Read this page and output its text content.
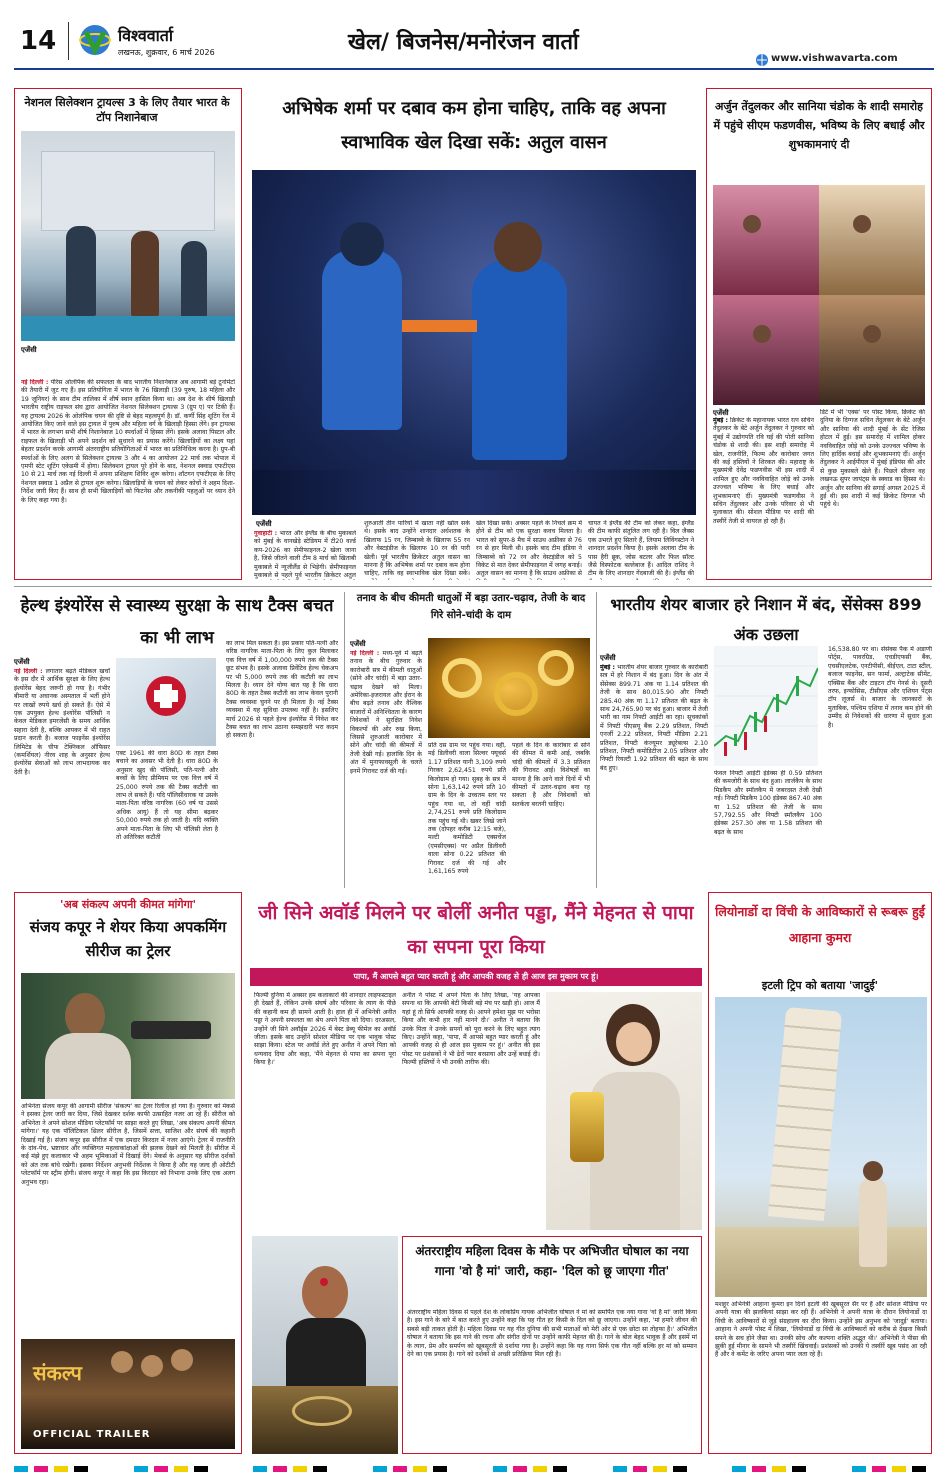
14	विश्ववार्ता
लखनऊ, शुक्रवार, 6 मार्च 2026	खेल/ बिजनेस/मनोरंजन वार्ता
www.vishwavarta.com
नेशनल सिलेक्शन ट्रायल्स 3 के लिए तैयार भारत के टॉप निशानेबाज
एजेंसी
नई दिल्ली : पेरिस ओलंपिक की सफलता के बाद भारतीय निशानेबाज अब आगामी बड़े टूर्नामेंटों की तैयारी में जुट गए हैं। इस प्रतियोगिता में भारत के 76 खिलाड़ी (39 पुरुष, 18 महिला और 19 जूनियर) के साथ टीम तालिका में शीर्ष स्थान हासिल किया था। अब देश के शीर्ष खिलाड़ी भारतीय राष्ट्रीय राइफल संघ द्वारा आयोजित नेशनल सिलेक्शन ट्रायल्स 3 (ग्रुप ए) पर टिकी हैं। यह ट्रायल्स 2026 के ओलंपिक चयन की दृष्टि से बेहद महत्वपूर्ण है। डॉ. कर्णी सिंह शूटिंग रेंज में आयोजित किए जाने वाले इस ट्रायल में पुरुष और महिला वर्ग के खिलाड़ी हिस्सा लेंगे। इन ट्रायल्स में भारत के लगभग सभी शीर्ष निशानेबाज 10 स्पर्धाओं में हिस्सा लेंगे। इसके अलावा पिस्टल और राइफल के खिलाड़ी भी अपने प्रदर्शन को सुधारने का प्रयास करेंगे। खिलाड़ियों का लक्ष्य यहां बेहतर प्रदर्शन करके आगामी अंतरराष्ट्रीय प्रतियोगिताओं में भारत का प्रतिनिधित्व करना है। ग्रुप-बी स्पर्धाओं के लिए अलग से सिलेक्शन ट्रायल्स 3 और 4 का आयोजन 22 मार्च तक भोपाल में एमपी स्टेट शूटिंग एकेडमी में होगा। सिलेक्शन ट्रायल पूरे होने के बाद, नेशनल स्क्वाड एफटीएस 10 से 21 मार्च तक नई दिल्ली में अपना प्रशिक्षण शिविर शुरू करेगा। शॉटगन एफटीएस के लिए नेशनल स्क्वाड 1 अप्रैल से ट्रायल शुरू करेगा। खिलाड़ियों के चयन को लेकर कोचों ने अहम दिशा-निर्देश जारी किए हैं। साथ ही सभी खिलाड़ियों को फिटनेस और तकनीकी पहलुओं पर ध्यान देने के लिए कहा गया है।
अभिषेक शर्मा पर दबाव कम होना चाहिए, ताकि वह अपना स्वाभाविक खेल दिखा सकें: अतुल वासन
एजेंसी
गुवाहाटी : भारत और इंग्लैंड के बीच मुकाबले को मुंबई के वानखेड़े स्टेडियम में टी20 वर्ल्ड कप-2026 का सेमीफाइनल-2 खेला जाना है, जिसे जीतने वाली टीम 8 मार्च को खिताबी मुकाबले में न्यूजीलैंड से भिड़ेगी। सेमीफाइनल मुकाबले से पहले पूर्व भारतीय क्रिकेटर अतुल
शुरुआती तीन पारियों में खाता नहीं खोल सके थे। इसके बाद उन्होंने शानदार अर्धशतक के खिलाफ 15 रन, जिम्बाब्वे के खिलाफ 55 रन और वेस्टइंडीज के खिलाफ 10 रन की पारी खेली। पूर्व भारतीय क्रिकेटर अतुल वासन का मानना है कि अभिषेक शर्मा पर दबाव कम होना चाहिए, ताकि वह स्वाभाविक खेल दिखा सकें।
खेल दिखा सकें। अक्सर पहले के निचले क्रम में होने से टीम को एक सुरक्षा कवच मिलता है। भारत को सुपर-8 मैच में साउथ अफ्रीका से 76 रन से हार मिली थी। इसके बाद टीम इंडिया ने जिम्बाब्वे को 72 रन और वेस्टइंडीज को 5 विकेट से मात देकर सेमीफाइनल में जगह बनाई। अतुल वासन का मानना है कि साउथ अफ्रीका से
चायत ने इंग्लैंड की टीम को लेकर कहा, इंग्लैंड की टीम काफी संतुलित लग रही है। विल जैक्स एक उभरते हुए सितारे हैं, लियाम लिविंगस्टोन ने शानदार प्रदर्शन किया है। इसके अलावा टीम के पास हैरी ब्रूक, जोस बटलर और फिल सॉल्ट जैसे विस्फोटक बल्लेबाज हैं। आदिल राशिद ने टीम के लिए शानदार गेंदबाजी की है। इंग्लैंड की
अर्जुन तेंदुलकर और सानिया चंडोक के शादी समारोह में पहुंचे सीएम फडणवीस, भविष्य के लिए बधाई और शुभकामनाएं दी
एजेंसी
मुंबई : क्रिकेट के महानायक भारत रत्न सचिन तेंदुलकर के बेटे अर्जुन तेंदुलकर ने गुरुवार को मुंबई में उद्योगपति रवि घई की पोती सानिया चंडोक से शादी की। इस शाही समारोह में खेल, राजनीति, फिल्म और कारोबार जगत की कई हस्तियों ने शिरकत की। महाराष्ट्र के मुख्यमंत्री देवेंद्र फडणवीस भी इस शादी में शामिल हुए और नवविवाहित जोड़े को उनके उज्ज्वल भविष्य के लिए बधाई और शुभकामनाएं दीं। मुख्यमंत्री फडणवीस ने सचिन तेंदुलकर और उनके परिवार से भी मुलाकात की। सोशल मीडिया पर शादी की तस्वीरें तेजी से वायरल हो रही हैं।
डिंटे में भी 'एक्स' पर पोस्ट किया, क्रिकेट की दुनिया के दिग्गज सचिन तेंदुलकर के बेटे अर्जुन और सानिया की शादी मुंबई के सेंट रेजिस होटल में हुई। इस समारोह में शामिल होकर नवविवाहित जोड़े को उनके उज्ज्वल भविष्य के लिए हार्दिक बधाई और शुभकामनाएं दीं। अर्जुन तेंदुलकर ने आईपीएल में मुंबई इंडियंस की ओर से कुछ मुकाबले खेले हैं। पिछले सीजन वह लखनऊ सुपर जायंट्स के स्क्वाड का हिस्सा थे। अर्जुन और सानिया की सगाई अगस्त 2025 में हुई थी। इस शादी में कई क्रिकेट दिग्गज भी पहुंचे थे।
हेल्थ इंश्योरेंस से स्वास्थ्य सुरक्षा के साथ टैक्स बचत का भी लाभ
एजेंसी
नई दिल्ली : लगातार बढ़ते मेडिकल खर्चों के इस दौर में आर्थिक सुरक्षा के लिए हेल्थ इंश्योरेंस बेहद जरूरी हो गया है। गंभीर बीमारी या अचानक अस्पताल में भर्ती होने पर लाखों रुपये खर्च हो सकते हैं। ऐसे में एक उपयुक्त हेल्थ इंश्योरेंस पॉलिसी न केवल मेडिकल इमरजेंसी के समय आर्थिक सहारा देती है, बल्कि आयकर में भी राहत प्रदान करती है। बजाज फाइनेंस इंश्योरेंस लिमिटेड के चीफ टेक्निकल ऑफिसर (कमर्शियल) नीरव शाह के अनुसार हेल्थ इंश्योरेंस सेवाओं को लाभ लाभदायक कर देती है।
एक्ट 1961 की धारा 80D के तहत टैक्स बचाने का अवसर भी देती है। धारा 80D के अनुसार खुद की पॉलिसी, पति-पत्नी और बच्चों के लिए प्रीमियम पर एक वित्त वर्ष में 25,000 रुपये तक की टैक्स कटौती का लाभ ले सकते हैं। यदि पॉलिसीधारक या उसके माता-पिता वरिष्ठ नागरिक (60 वर्ष या उससे अधिक आयु) हैं तो यह सीमा बढ़कर 50,000 रुपये तक हो जाती है। यदि व्यक्ति अपने माता-पिता के लिए भी पॉलिसी लेता है तो अतिरिक्त कटौती
का लाभ मिल सकता है। इस प्रकार पति-पत्नी और वरिष्ठ नागरिक माता-पिता के लिए कुल मिलाकर एक वित्त वर्ष में 1,00,000 रुपये तक की टैक्स छूट संभव है। इसके अलावा प्रिवेंटिव हेल्थ चेकअप पर भी 5,000 रुपये तक की कटौती का लाभ मिलता है। ध्यान देने योग्य बात यह है कि धारा 80D के तहत टैक्स कटौती का लाभ केवल पुरानी टैक्स व्यवस्था चुनने पर ही मिलता है। नई टैक्स व्यवस्था में यह सुविधा उपलब्ध नहीं है। इसलिए मार्च 2026 से पहले हेल्थ इंश्योरेंस में निवेश कर टैक्स बचत का लाभ उठाना समझदारी भरा कदम हो सकता है।
तनाव के बीच कीमती धातुओं में बड़ा उतार-चढ़ाव, तेजी के बाद गिरे सोने-चांदी के दाम
एजेंसी
नई दिल्ली : मध्य-पूर्व में बढ़ते तनाव के बीच गुरुवार के कारोबारी सत्र में कीमती धातुओं (सोने और चांदी) में बड़ा उतार-चढ़ाव देखने को मिला। अमेरिका-इजरायल और ईरान के बीच बढ़ते तनाव और वैश्विक बाजारों में अनिश्चितता के कारण निवेशकों ने सुरक्षित निवेश विकल्पों की ओर रुख किया, जिससे शुरुआती कारोबार में सोने और चांदी की कीमतों में तेजी देखी गई। हालांकि दिन के अंत में मुनाफावसूली के चलते इनमें गिरावट दर्ज की गई।
प्रति दस ग्राम पर पहुंच गया। वहीं, मई डिलीवरी वाला सिल्वर फ्यूचर्स 1.17 प्रतिशत यानी 3,109 रुपये गिरकर 2,62,451 रुपये प्रति किलोग्राम हो गया। सुबह के सत्र में सोना 1,63,142 रुपये प्रति 10 ग्राम के दिन के उच्चतम स्तर पर पहुंच गया था, तो वहीं चांदी 2,74,251 रुपये प्रति किलोग्राम तक पहुंच गई थी। खबर लिखे जाने तक (दोपहर करीब 12:15 बजे), मल्टी कमोडिटी एक्सचेंज (एमसीएक्स) पर अप्रैल डिलीवरी वाला सोना 0.22 प्रतिशत की गिरावट दर्ज की गई और 1,61,165 रुपये
पहले के दिन के कारोबार से सोने की कीमत में कमी आई, जबकि चांदी की कीमतों में 3.3 प्रतिशत की गिरावट आई। विशेषज्ञों का मानना है कि आने वाले दिनों में भी कीमतों में उतार-चढ़ाव बना रह सकता है और निवेशकों को सतर्कता बरतनी चाहिए।
भारतीय शेयर बाजार हरे निशान में बंद, सेंसेक्स 899 अंक उछला
एजेंसी
मुंबई : भारतीय शेयर बाजार गुरुवार के कारोबारी सत्र में हरे निशान में बंद हुआ। दिन के अंत में सेंसेक्स 899.71 अंक या 1.14 प्रतिशत की तेजी के साथ 80,015.90 और निफ्टी 285.40 अंक या 1.17 प्रतिशत की बढ़त के साथ 24,765.90 पर बंद हुआ। बाजार में तेजी भारी का नाम निफ्टी आईटी का रहा। सूचकांकों में निफ्टी पीएसयू बैंक 2.29 प्रतिशत, निफ्टी एनर्जी 2.22 प्रतिशत, निफ्टी मीडिया 2.21 प्रतिशत, निफ्टी कंज्यूमर ड्यूरेबल्स 2.10 प्रतिशत, निफ्टी कमोडिटीज 2.05 प्रतिशत और निफ्टी रियल्टी 1.92 प्रतिशत की बढ़त के साथ बंद हुए।
फेवल निफ्टी आईटी इंडेक्स ही 0.59 प्रतिशत की कमजोरी के साथ बंद हुआ। लार्जकैप के साथ मिडकैप और स्मॉलकैप में जबरदस्त तेजी देखी गई। निफ्टी मिडकैप 100 इंडेक्स 867.40 अंक या 1.52 प्रतिशत की तेजी के साथ 57,792.55 और निफ्टी स्मॉलकैप 100 इंडेक्स 257.30 अंक या 1.58 प्रतिशत की बढ़त के साथ
16,538.80 पर था। सेंसेक्स पैक में अडाणी पोर्ट्स, पावरग्रिड, एचडीएफसी बैंक, एचसीएलटेक, एनटीपीसी, बीईएल, टाटा स्टील, बजाज फाइनेंस, सन फार्मा, अल्ट्राटेक सीमेंट, एक्सिस बैंक और टाइटन टॉप गेनर्स थे। दूसरी तरफ, इन्फोसिस, टीसीएस और एशियन पेंट्स टॉप लूजर्स थे। बाजार के जानकारों के मुताबिक, पश्चिम एशिया में तनाव कम होने की उम्मीद से निवेशकों की धारणा में सुधार हुआ है।
'अब संकल्प अपनी कीमत मांगेगा'
संजय कपूर ने शेयर किया अपकमिंग सीरीज का ट्रेलर
अभिनेता संजय कपूर की आगामी सीरीज 'संकल्प' का ट्रेलर रिलीज हो गया है। गुरुवार को मेकर्स ने इसका ट्रेलर जारी कर दिया, जिसे देखकर दर्शक काफी उत्साहित नजर आ रहे हैं। सीरीज को अभिनेता ने अपने सोशल मीडिया प्लेटफॉर्म पर साझा करते हुए लिखा, 'अब संकल्प अपनी कीमत मांगेगा।' यह एक पॉलिटिकल थ्रिलर सीरीज है, जिसमें सत्ता, साजिश और संघर्ष की कहानी दिखाई गई है। संजय कपूर इस सीरीज में एक दमदार किरदार में नजर आएंगे। ट्रेलर में राजनीति के दांव-पेच, भ्रष्टाचार और व्यक्तिगत महत्वाकांक्षाओं की झलक देखने को मिलती है। सीरीज में कई मंझे हुए कलाकार भी अहम भूमिकाओं में दिखाई देंगे। मेकर्स के अनुसार यह सीरीज दर्शकों को अंत तक बांधे रखेगी। इसका निर्देशन अनुभवी निर्देशक ने किया है और यह जल्द ही ओटीटी प्लेटफॉर्म पर स्ट्रीम होगी। संजय कपूर ने कहा कि इस किरदार को निभाना उनके लिए एक अलग अनुभव रहा।
संकल्प
OFFICIAL TRAILER
जी सिने अवॉर्ड मिलने पर बोलीं अनीत पड्डा, मैंने मेहनत से पापा का सपना पूरा किया
पापा, मैं आपसे बहुत प्यार करती हूं और आपकी वजह से ही आज इस मुकाम पर हूं।
फिल्मी दुनिया में अक्सर हम कलाकारों की शानदार लाइफस्टाइल ही देखते हैं, लेकिन उनके संघर्ष और परिवार के त्याग के पीछे की कहानी कम ही सामने आती है। हाल ही में अभिनेत्री अनीत पड्डा ने अपनी सफलता का श्रेय अपने पिता को दिया। दरअसल, उन्होंने जी सिने अवॉर्ड्स 2026 में बेस्ट डेब्यू फीमेल का अवॉर्ड जीता। इसके बाद उन्होंने सोशल मीडिया पर एक भावुक पोस्ट साझा किया। स्टेज पर अवॉर्ड लेते हुए अनीत ने अपने पिता को धन्यवाद दिया और कहा, 'मैंने मेहनत से पापा का सपना पूरा किया है।'
अनीत ने पोस्ट में अपने पिता के लिए लिखा, 'यह आपका सपना था कि आपकी बेटी किसी बड़े मंच पर खड़ी हो। आज मैं यहां हूं तो सिर्फ आपकी वजह से। आपने हमेशा मुझ पर भरोसा किया और कभी हार नहीं मानने दी।' अनीत ने बताया कि उनके पिता ने उनके सपनों को पूरा करने के लिए बहुत त्याग किए। उन्होंने कहा, 'पापा, मैं आपसे बहुत प्यार करती हूं और आपकी वजह से ही आज इस मुकाम पर हूं।' अनीत की इस पोस्ट पर प्रशंसकों ने भी ढेरों प्यार बरसाया और उन्हें बधाई दी। फिल्मी हस्तियों ने भी उनकी तारीफ की।
अंतरराष्ट्रीय महिला दिवस के मौके पर अभिजीत घोषाल का नया गाना 'वो है मां' जारी, कहा- 'दिल को छू जाएगा गीत'
अंतरराष्ट्रीय महिला दिवस से पहले देश के लोकप्रिय गायक अभिजीत घोषाल ने मां को समर्पित एक नया गाना 'वो है मां' जारी किया है। इस गाने के बारे में बात करते हुए उन्होंने कहा कि यह गीत हर किसी के दिल को छू जाएगा। उन्होंने कहा, 'मां हमारे जीवन की सबसे बड़ी ताकत होती है। महिला दिवस पर यह गीत दुनिया की सभी माताओं को मेरी ओर से एक छोटा सा तोहफा है।' अभिजीत घोषाल ने बताया कि इस गाने की रचना और संगीत दोनों पर उन्होंने काफी मेहनत की है। गाने के बोल बेहद भावुक हैं और इसमें मां के त्याग, प्रेम और समर्पण को खूबसूरती से दर्शाया गया है। उन्होंने कहा कि यह गाना सिर्फ एक गीत नहीं बल्कि हर मां को सम्मान देने का एक प्रयास है। गाने को दर्शकों से अच्छी प्रतिक्रिया मिल रही है।
लियोनार्डो दा विंची के आविष्कारों से रूबरू हुईं आहाना कुमरा
इटली ट्रिप को बताया 'जादुई'
मशहूर अभिनेत्री आहाना कुमरा इन दिनों इटली की खूबसूरत सैर पर हैं और सोशल मीडिया पर अपनी यात्रा की झलकियां साझा कर रही हैं। अभिनेत्री ने अपनी यात्रा के दौरान लियोनार्डो दा विंची के आविष्कारों से जुड़े संग्रहालय का दौरा किया। उन्होंने इस अनुभव को 'जादुई' बताया। आहाना ने अपनी पोस्ट में लिखा, 'लियोनार्डो दा विंची के आविष्कारों को करीब से देखना किसी सपने के सच होने जैसा था। उनकी सोच और कल्पना शक्ति अद्भुत थी।' अभिनेत्री ने पीसा की झुकी हुई मीनार के सामने भी तस्वीरें खिंचवाईं। प्रशंसकों को उनकी ये तस्वीरें खूब पसंद आ रही हैं और वे कमेंट के जरिए अपना प्यार जता रहे हैं।
